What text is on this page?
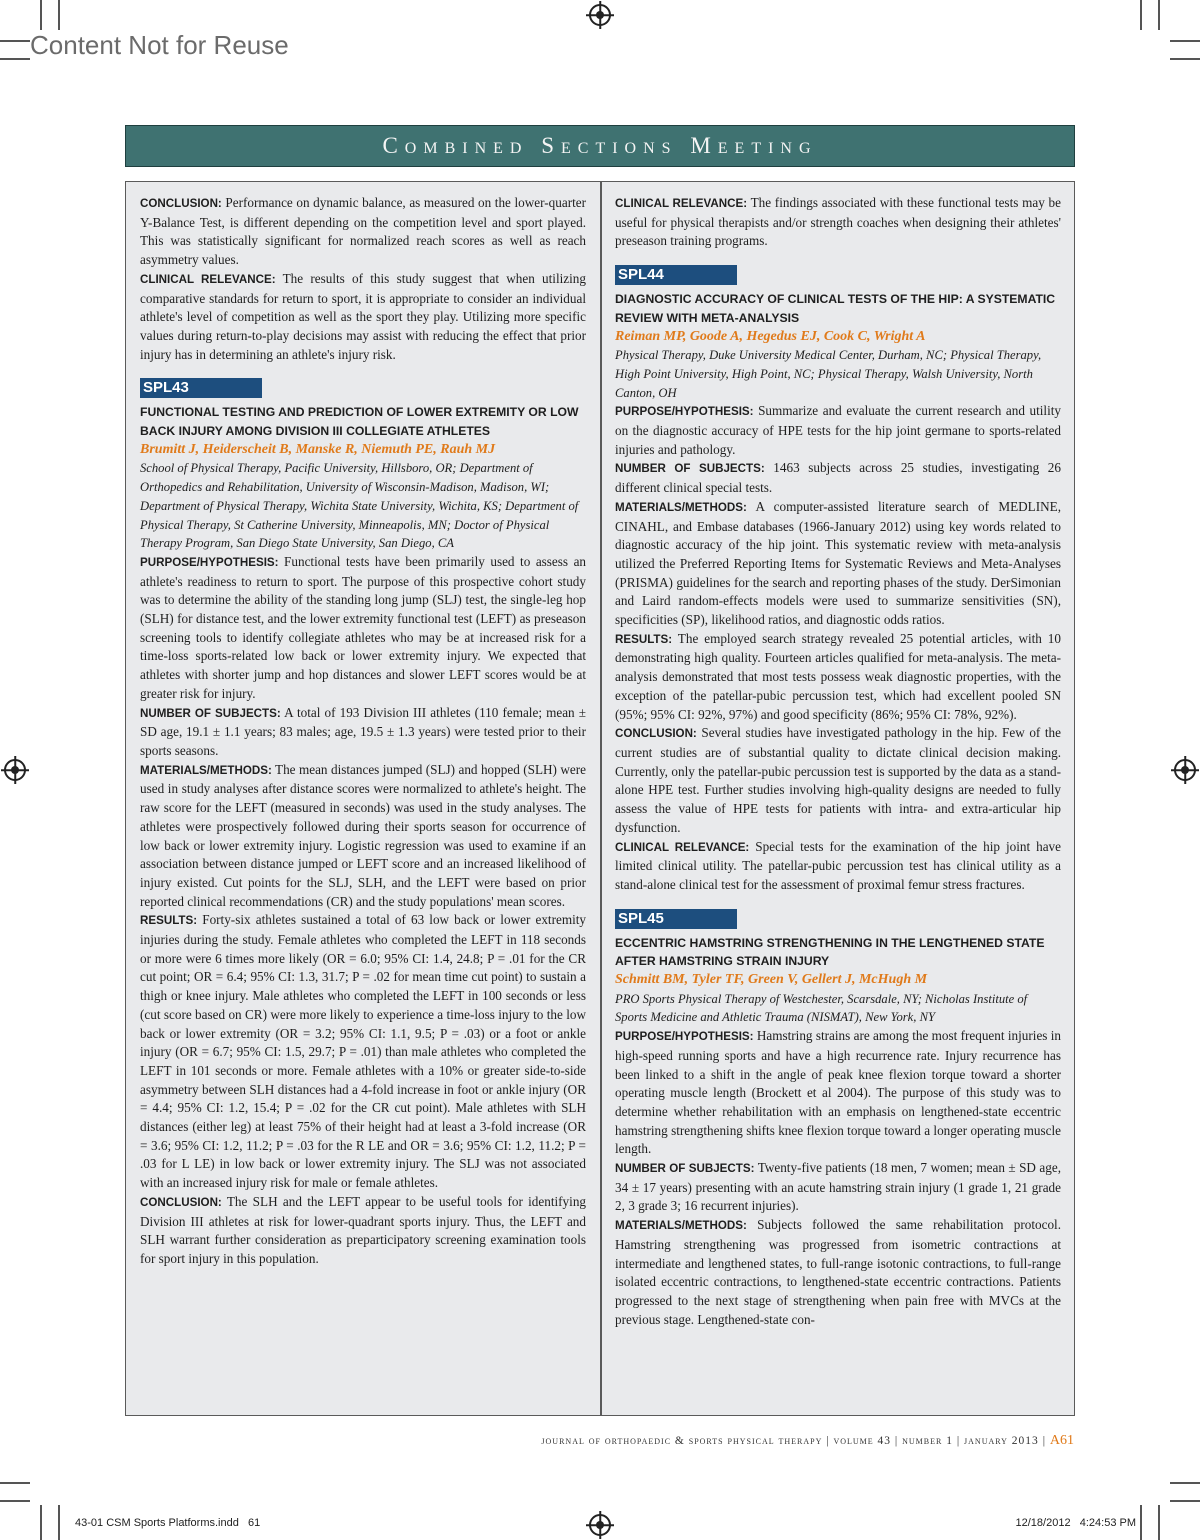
Content Not for Reuse
Combined Sections Meeting

CONCLUSION: Performance on dynamic balance, as measured on the lower-quarter Y-Balance Test, is different depending on the competition level and sport played. This was statistically significant for normalized reach scores as well as reach asymmetry values.

CLINICAL RELEVANCE: The results of this study suggest that when utilizing comparative standards for return to sport, it is appropriate to consider an individual athlete's level of competition as well as the sport they play. Utilizing more specific values during return-to-play decisions may assist with reducing the effect that prior injury has in determining an athlete's injury risk.

SPL43

FUNCTIONAL TESTING AND PREDICTION OF LOWER EXTREMITY OR LOW BACK INJURY AMONG DIVISION III COLLEGIATE ATHLETES

Brumitt J, Heiderscheit B, Manske R, Niemuth PE, Rauh MJ

School of Physical Therapy, Pacific University, Hillsboro, OR; Department of Orthopedics and Rehabilitation, University of Wisconsin-Madison, Madison, WI; Department of Physical Therapy, Wichita State University, Wichita, KS; Department of Physical Therapy, St Catherine University, Minneapolis, MN; Doctor of Physical Therapy Program, San Diego State University, San Diego, CA

PURPOSE/HYPOTHESIS: Functional tests have been primarily used to assess an athlete's readiness to return to sport. The purpose of this prospective cohort study was to determine the ability of the standing long jump (SLJ) test, the single-leg hop (SLH) for distance test, and the lower extremity functional test (LEFT) as preseason screening tools to identify collegiate athletes who may be at increased risk for a time-loss sports-related low back or lower extremity injury. We expected that athletes with shorter jump and hop distances and slower LEFT scores would be at greater risk for injury.

NUMBER OF SUBJECTS: A total of 193 Division III athletes (110 female; mean ± SD age, 19.1 ± 1.1 years; 83 males; age, 19.5 ± 1.3 years) were tested prior to their sports seasons.

MATERIALS/METHODS: The mean distances jumped (SLJ) and hopped (SLH) were used in study analyses after distance scores were normalized to athlete's height. The raw score for the LEFT (measured in seconds) was used in the study analyses. The athletes were prospectively followed during their sports season for occurrence of low back or lower extremity injury. Logistic regression was used to examine if an association between distance jumped or LEFT score and an increased likelihood of injury existed. Cut points for the SLJ, SLH, and the LEFT were based on prior reported clinical recommendations (CR) and the study populations' mean scores.

RESULTS: Forty-six athletes sustained a total of 63 low back or lower extremity injuries during the study. Female athletes who completed the LEFT in 118 seconds or more were 6 times more likely (OR = 6.0; 95% CI: 1.4, 24.8; P = .01 for the CR cut point; OR = 6.4; 95% CI: 1.3, 31.7; P = .02 for mean time cut point) to sustain a thigh or knee injury. Male athletes who completed the LEFT in 100 seconds or less (cut score based on CR) were more likely to experience a time-loss injury to the low back or lower extremity (OR = 3.2; 95% CI: 1.1, 9.5; P = .03) or a foot or ankle injury (OR = 6.7; 95% CI: 1.5, 29.7; P = .01) than male athletes who completed the LEFT in 101 seconds or more. Female athletes with a 10% or greater side-to-side asymmetry between SLH distances had a 4-fold increase in foot or ankle injury (OR = 4.4; 95% CI: 1.2, 15.4; P = .02 for the CR cut point). Male athletes with SLH distances (either leg) at least 75% of their height had at least a 3-fold increase (OR = 3.6; 95% CI: 1.2, 11.2; P = .03 for the R LE and OR = 3.6; 95% CI: 1.2, 11.2; P = .03 for L LE) in low back or lower extremity injury. The SLJ was not associated with an increased injury risk for male or female athletes.

CONCLUSION: The SLH and the LEFT appear to be useful tools for identifying Division III athletes at risk for lower-quadrant sports injury. Thus, the LEFT and SLH warrant further consideration as preparticipatory screening examination tools for sport injury in this population.

CLINICAL RELEVANCE: The findings associated with these functional tests may be useful for physical therapists and/or strength coaches when designing their athletes' preseason training programs.

SPL44

DIAGNOSTIC ACCURACY OF CLINICAL TESTS OF THE HIP: A SYSTEMATIC REVIEW WITH META-ANALYSIS

Reiman MP, Goode A, Hegedus EJ, Cook C, Wright A

Physical Therapy, Duke University Medical Center, Durham, NC; Physical Therapy, High Point University, High Point, NC; Physical Therapy, Walsh University, North Canton, OH

PURPOSE/HYPOTHESIS: Summarize and evaluate the current research and utility on the diagnostic accuracy of HPE tests for the hip joint germane to sports-related injuries and pathology.

NUMBER OF SUBJECTS: 1463 subjects across 25 studies, investigating 26 different clinical special tests.

MATERIALS/METHODS: A computer-assisted literature search of MEDLINE, CINAHL, and Embase databases (1966-January 2012) using key words related to diagnostic accuracy of the hip joint. This systematic review with meta-analysis utilized the Preferred Reporting Items for Systematic Reviews and Meta-Analyses (PRISMA) guidelines for the search and reporting phases of the study. DerSimonian and Laird random-effects models were used to summarize sensitivities (SN), specificities (SP), likelihood ratios, and diagnostic odds ratios.

RESULTS: The employed search strategy revealed 25 potential articles, with 10 demonstrating high quality. Fourteen articles qualified for meta-analysis. The meta-analysis demonstrated that most tests possess weak diagnostic properties, with the exception of the patellar-pubic percussion test, which had excellent pooled SN (95%; 95% CI: 92%, 97%) and good specificity (86%; 95% CI: 78%, 92%).

CONCLUSION: Several studies have investigated pathology in the hip. Few of the current studies are of substantial quality to dictate clinical decision making. Currently, only the patellar-pubic percussion test is supported by the data as a stand-alone HPE test. Further studies involving high-quality designs are needed to fully assess the value of HPE tests for patients with intra- and extra-articular hip dysfunction.

CLINICAL RELEVANCE: Special tests for the examination of the hip joint have limited clinical utility. The patellar-pubic percussion test has clinical utility as a stand-alone clinical test for the assessment of proximal femur stress fractures.

SPL45

ECCENTRIC HAMSTRING STRENGTHENING IN THE LENGTHENED STATE AFTER HAMSTRING STRAIN INJURY

Schmitt BM, Tyler TF, Green V, Gellert J, McHugh M

PRO Sports Physical Therapy of Westchester, Scarsdale, NY; Nicholas Institute of Sports Medicine and Athletic Trauma (NISMAT), New York, NY

PURPOSE/HYPOTHESIS: Hamstring strains are among the most frequent injuries in high-speed running sports and have a high recurrence rate. Injury recurrence has been linked to a shift in the angle of peak knee flexion torque toward a shorter operating muscle length (Brockett et al 2004). The purpose of this study was to determine whether rehabilitation with an emphasis on lengthened-state eccentric hamstring strengthening shifts knee flexion torque toward a longer operating muscle length.

NUMBER OF SUBJECTS: Twenty-five patients (18 men, 7 women; mean ± SD age, 34 ± 17 years) presenting with an acute hamstring strain injury (1 grade 1, 21 grade 2, 3 grade 3; 16 recurrent injuries).

MATERIALS/METHODS: Subjects followed the same rehabilitation protocol. Hamstring strengthening was progressed from isometric contractions at intermediate and lengthened states, to full-range isotonic contractions, to full-range isolated eccentric contractions, to lengthened-state eccentric contractions. Patients progressed to the next stage of strengthening when pain free with MVCs at the previous stage. Lengthened-state con-

journal of orthopaedic & sports physical therapy | volume 43 | number 1 | january 2013 | A61
43-01 CSM Sports Platforms.indd   61	12/18/2012   4:24:53 PM
